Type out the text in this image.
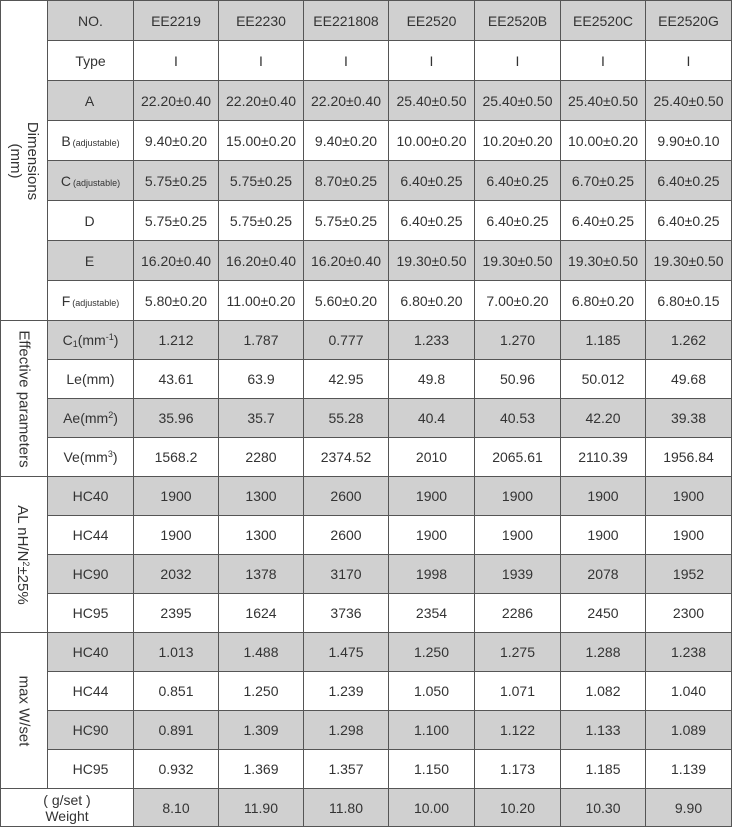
Dimensions
(mm)	NO.	EE2219	EE2230	EE221808	EE2520	EE2520B	EE2520C	EE2520G
	Type	I	I	I	I	I	I	I
	A	22.20±0.40	22.20±0.40	22.20±0.40	25.40±0.50	25.40±0.50	25.40±0.50	25.40±0.50
	B (adjustable)	9.40±0.20	15.00±0.20	9.40±0.20	10.00±0.20	10.20±0.20	10.00±0.20	9.90±0.10
	C (adjustable)	5.75±0.25	5.75±0.25	8.70±0.25	6.40±0.25	6.40±0.25	6.70±0.25	6.40±0.25
	D	5.75±0.25	5.75±0.25	5.75±0.25	6.40±0.25	6.40±0.25	6.40±0.25	6.40±0.25
	E	16.20±0.40	16.20±0.40	16.20±0.40	19.30±0.50	19.30±0.50	19.30±0.50	19.30±0.50
	F (adjustable)	5.80±0.20	11.00±0.20	5.60±0.20	6.80±0.20	7.00±0.20	6.80±0.20	6.80±0.15

Effective parameters	$C_1(mm^{-1})$	1.212	1.787	0.777	1.233	1.270	1.185	1.262
	Le(mm)	43.61	63.9	42.95	49.8	50.96	50.012	49.68
	$Ae(mm^2)$	35.96	35.7	55.28	40.4	40.53	42.20	39.38
	$Ve(mm^3)$	1568.2	2280	2374.52	2010	2065.61	2110.39	1956.84

AL $nH/N^2\pm 25\%$	HC40	1900	1300	2600	1900	1900	1900	1900
	HC44	1900	1300	2600	1900	1900	1900	1900
	HC90	2032	1378	3170	1998	1939	2078	1952
	HC95	2395	1624	3736	2354	2286	2450	2300

max W/set	HC40	1.013	1.488	1.475	1.250	1.275	1.288	1.238
	HC44	0.851	1.250	1.239	1.050	1.071	1.082	1.040
	HC90	0.891	1.309	1.298	1.100	1.122	1.133	1.089
	HC95	0.932	1.369	1.357	1.150	1.173	1.185	1.139

( g/set )
Weight		8.10	11.90	11.80	10.00	10.20	10.30	9.90
